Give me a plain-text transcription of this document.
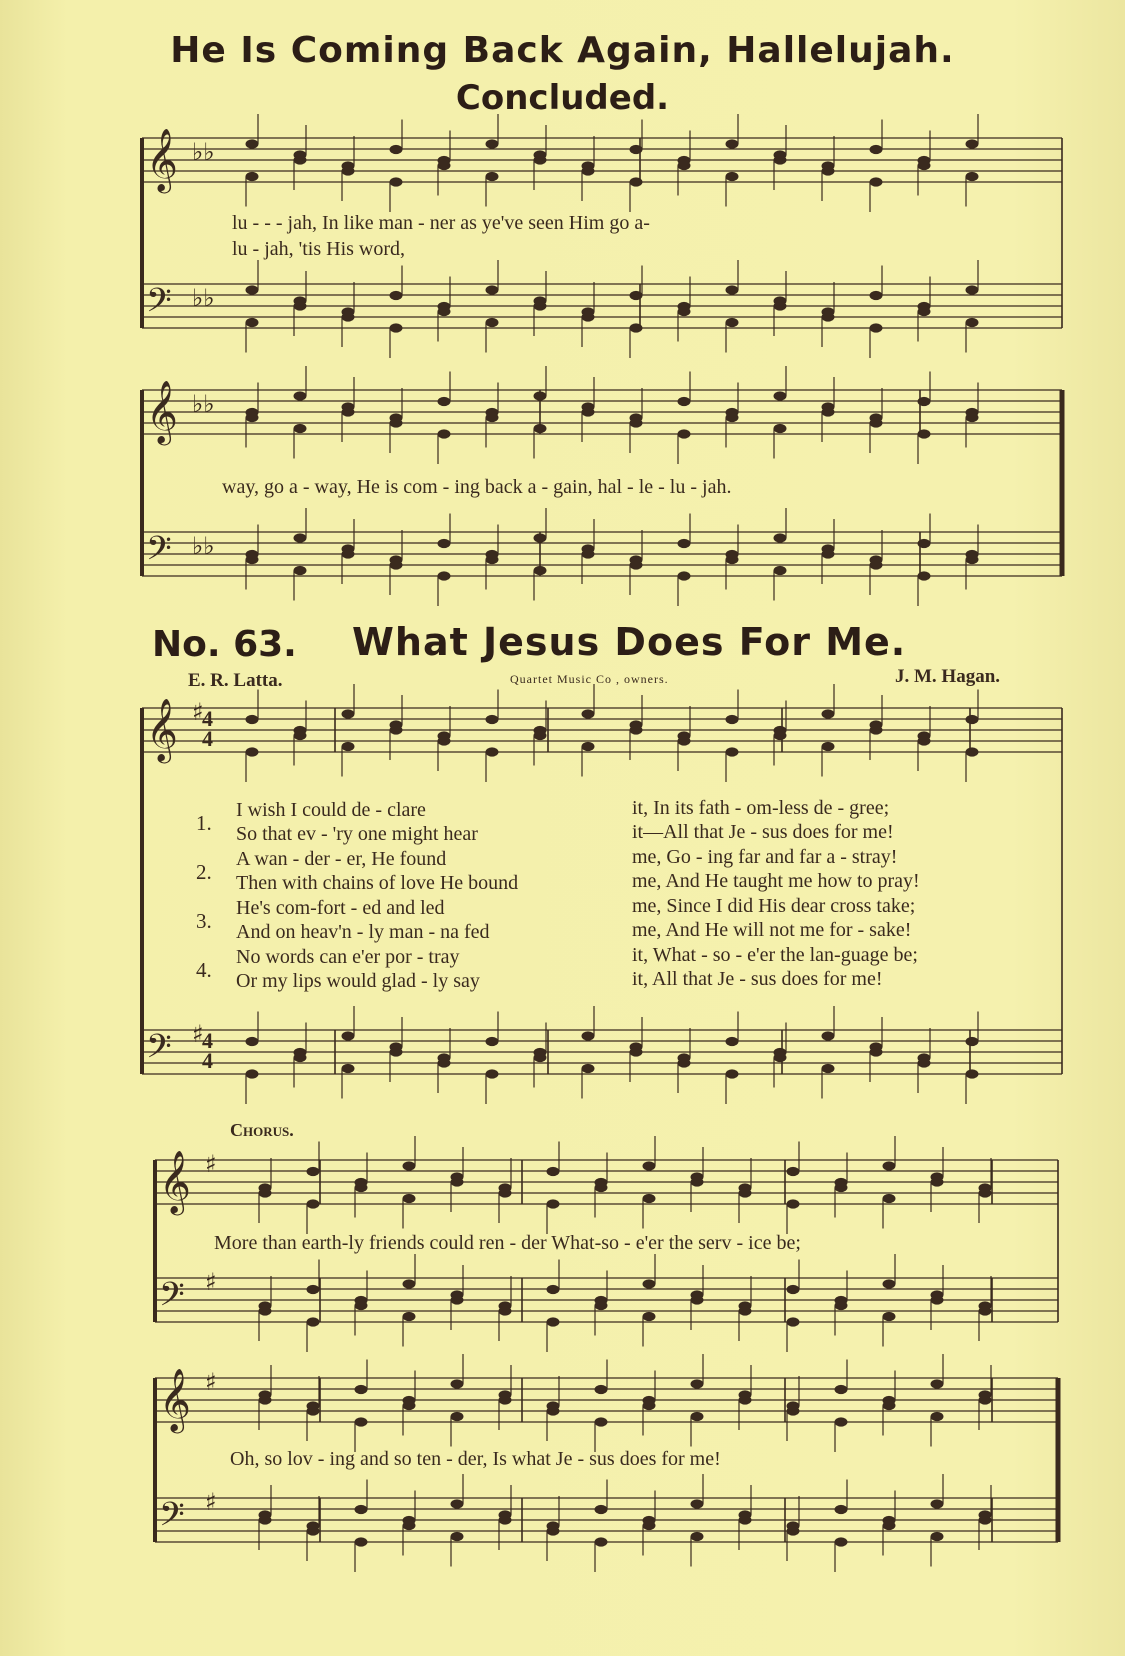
He Is Coming Back Again, Hallelujah.
Concluded.
lu - - - jah, In like man - ner as ye've seen Him go a-
lu - jah, 'tis His word,
way, go a - way, He is com - ing back a - gain, hal - le - lu - jah.
No. 63. What Jesus Does For Me.
E. R. Latta.	Quartet Music Co , owners.	J. M. Hagan.
1.
I wish I could de - clare
So that ev - 'ry one might hear
it, In its fath - om-less de - gree;
it—All that Je - sus does for me!
2.
A wan - der - er, He found
Then with chains of love He bound
me, Go - ing far and far a - stray!
me, And He taught me how to pray!
3.
He's com-fort - ed and led
And on heav'n - ly man - na fed
me, Since I did His dear cross take;
me, And He will not me for - sake!
4.
No words can e'er por - tray
Or my lips would glad - ly say
it, What - so - e'er the lan-guage be;
it, All that Je - sus does for me!
Chorus.
More than earth-ly friends could ren - der What-so - e'er the serv - ice be;
Oh, so lov - ing and so ten - der, Is what Je - sus does for me!
𝄞 ♭♭
𝄢 ♭♭
𝄞 ♭♭
𝄢 ♭♭
𝄞 ♯
𝄢 ♯
4
4
4
4
𝄞 ♯
𝄢 ♯
𝄞 ♯
𝄢 ♯
